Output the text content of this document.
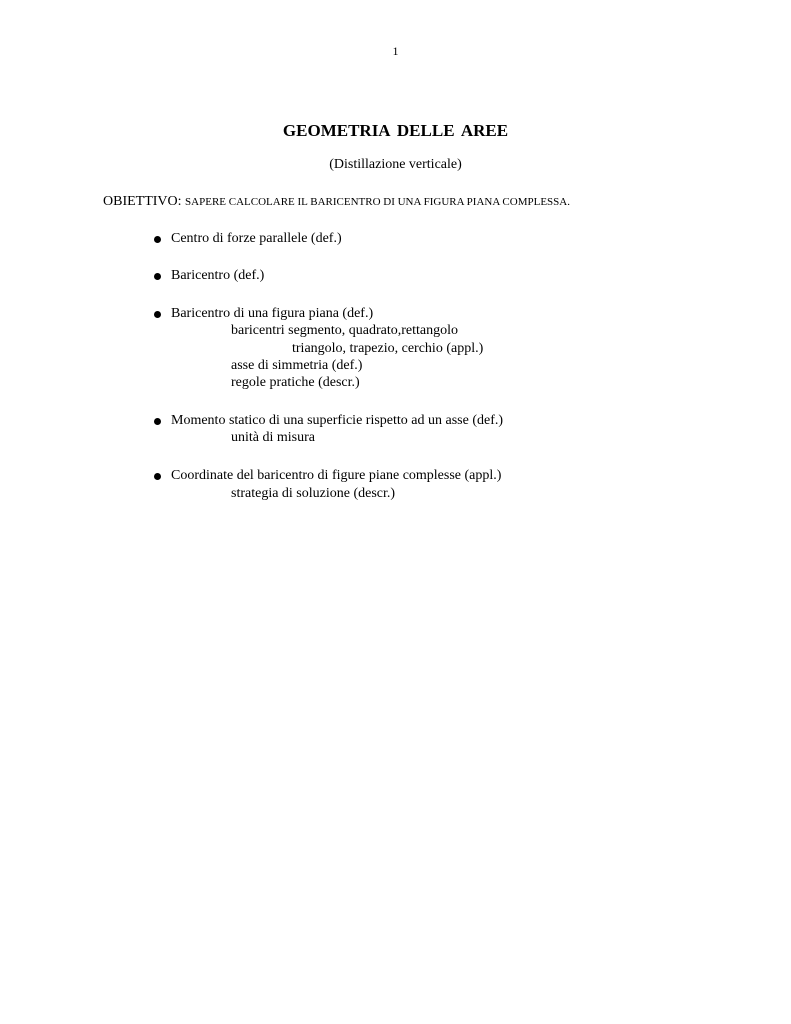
1
GEOMETRIA DELLE AREE
(Distillazione verticale)
OBIETTIVO: SAPERE CALCOLARE IL BARICENTRO DI UNA FIGURA PIANA COMPLESSA.
Centro di forze parallele (def.)
Baricentro (def.)
Baricentro di una figura piana (def.)
baricentri segmento, quadrato,rettangolo
triangolo, trapezio, cerchio (appl.)
asse di simmetria (def.)
regole pratiche (descr.)
Momento statico di una superficie rispetto ad un asse (def.)
unità di misura
Coordinate del baricentro di figure piane complesse (appl.)
strategia di soluzione (descr.)
